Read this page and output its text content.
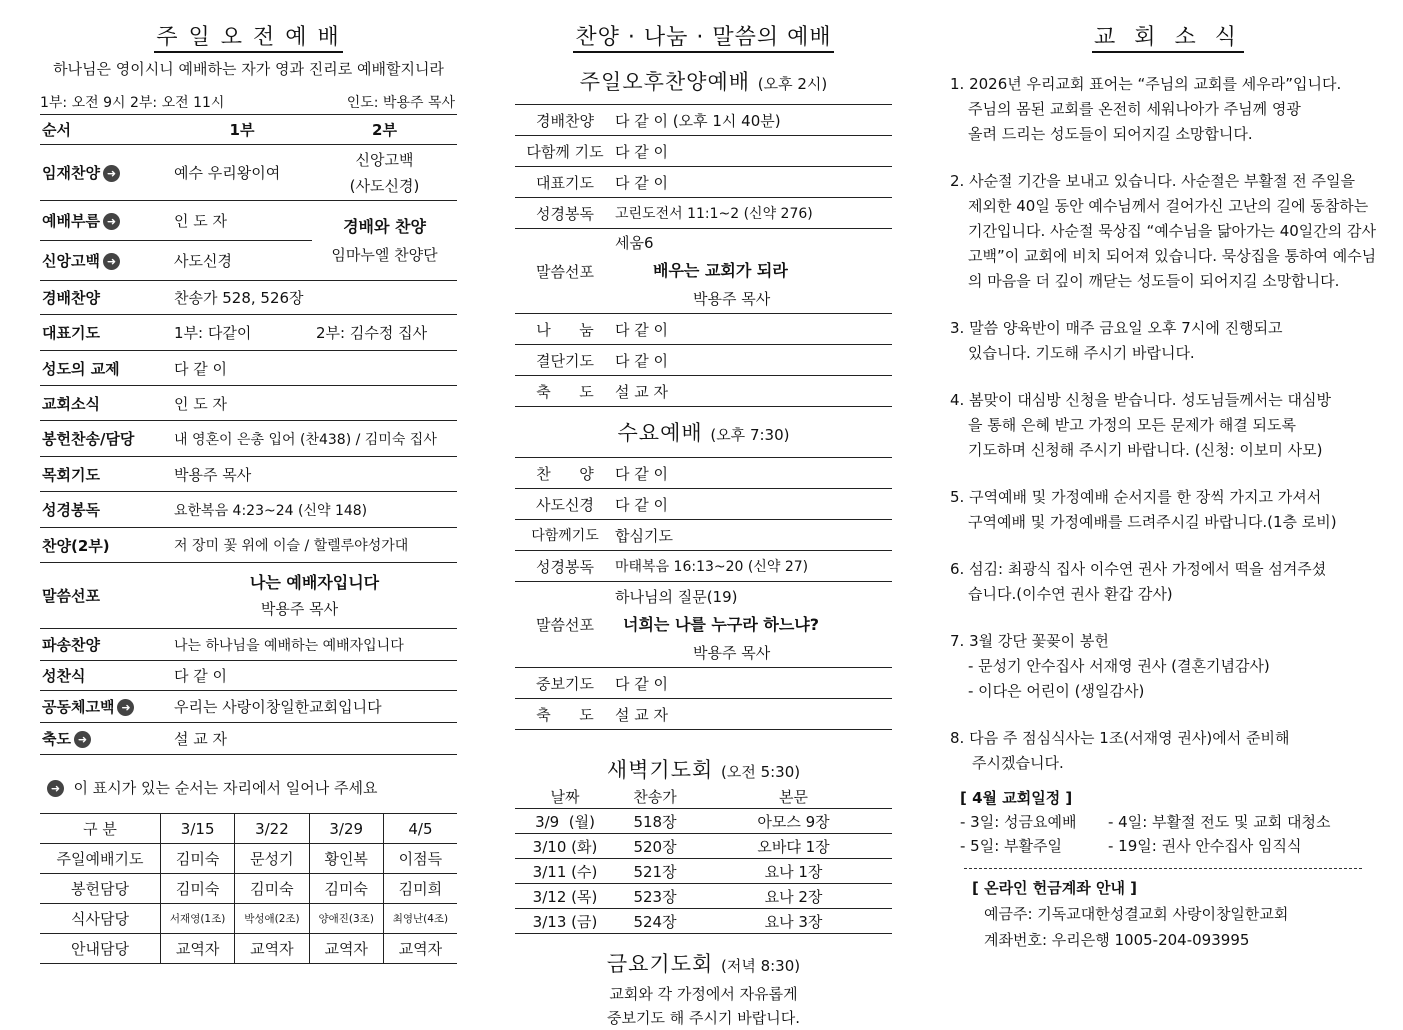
주 일 오 전 예 배
하나님은 영이시니 예배하는 자가 영과 진리로 예배할지니라
1부: 오전 9시 2부: 오전 11시	인도: 박용주 목사
순서	1부	2부
임재찬양 ➜	예수 우리왕이여	신앙고백
(사도신경)

예배부름 ➜	인 도 자	경배와 찬양
임마누엘 찬양단

신앙고백 ➜	사도신경	
경배찬양	찬송가 528, 526장	
대표기도	1부: 다같이	2부: 김수정 집사
성도의 교제	다 같 이	
교회소식	인 도 자	
봉헌찬송/담당	내 영혼이 은총 입어 (찬438) / 김미숙 집사	
목회기도	박용주 목사	
성경봉독	요한복음 4:23~24 (신약 148)	
찬양(2부)	저 장미 꽃 위에 이슬 / 할렐루야성가대	
말씀선포	나는 예배자입니다
박용주 목사	

파송찬양	나는 하나님을 예배하는 예배자입니다	
성찬식	다 같 이	
공동체고백 ➜	우리는 사랑이창일한교회입니다	
축도 ➜	설 교 자	
➜ 이 표시가 있는 순서는 자리에서 일어나 주세요
구 분	3/15	3/22	3/29	4/5
주일예배기도	김미숙	문성기	황인복	이점득
봉헌담당	김미숙	김미숙	김미숙	김미희
식사담당	서재영(1조)	박성애(2조)	양애진(3조)	최영난(4조)
안내담당	교역자	교역자	교역자	교역자
찬양 · 나눔 · 말씀의 예배
주일오후찬양예배 (오후 2시)
경배찬양	다 같 이 (오후 1시 40분)
다함께 기도	다 같 이
대표기도	다 같 이
성경봉독	고린도전서 11:1~2 (신약 276)
말씀선포	세움6
배우는 교회가 되라
박용주 목사

나      눔	다 같 이
결단기도	다 같 이
축      도	설 교 자
수요예배 (오후 7:30)
찬      양	다 같 이
사도신경	다 같 이
다함께기도	합심기도
성경봉독	마태복음 16:13~20 (신약 27)
말씀선포	하나님의 질문(19)
너희는 나를 누구라 하느냐?
박용주 목사

중보기도	다 같 이
축      도	설 교 자
새벽기도회 (오전 5:30)
날짜	찬송가	본문
3/9  (월)	518장	아모스 9장
3/10 (화)	520장	오바댜 1장
3/11 (수)	521장	요나 1장
3/12 (목)	523장	요나 2장
3/13 (금)	524장	요나 3장
금요기도회 (저녁 8:30)
교회와 각 가정에서 자유롭게
중보기도 해 주시기 바랍니다.
교 회 소 식

1. 2026년 우리교회 표어는 “주님의 교회를 세우라”입니다.

주님의 몸된 교회를 온전히 세워나아가 주님께 영광

올려 드리는 성도들이 되어지길 소망합니다.

2. 사순절 기간을 보내고 있습니다. 사순절은 부활절 전 주일을

제외한 40일 동안 예수님께서 걸어가신 고난의 길에 동참하는

기간입니다. 사순절 묵상집 “예수님을 닮아가는 40일간의 감사

고백”이 교회에 비치 되어져 있습니다. 묵상집을 통하여 예수님

의 마음을 더 깊이 깨닫는 성도들이 되어지길 소망합니다.

3. 말씀 양육반이 매주 금요일 오후 7시에 진행되고

있습니다. 기도해 주시기 바랍니다.

4. 봄맞이 대심방 신청을 받습니다. 성도님들께서는 대심방

을 통해 은혜 받고 가정의 모든 문제가 해결 되도록

기도하며 신청해 주시기 바랍니다. (신청: 이보미 사모)

5. 구역예배 및 가정예배 순서지를 한 장씩 가지고 가셔서

구역예배 및 가정예배를 드려주시길 바랍니다.(1층 로비)

6. 섬김: 최광식 집사 이수연 권사 가정에서 떡을 섬겨주셨

습니다.(이수연 권사 환갑 감사)

7. 3월 강단 꽃꽂이 봉헌

- 문성기 안수집사 서재영 권사 (결혼기념감사)

- 이다은 어린이 (생일감사)

8. 다음 주 점심식사는 1조(서재영 권사)에서 준비해

주시겠습니다.

[ 4월 교회일정 ]
- 3일: 성금요예배 - 4일: 부활절 전도 및 교회 대청소
- 5일: 부활주일	- 19일: 권사 안수집사 임직식
[ 온라인 헌금계좌 안내 ]
예금주: 기독교대한성결교회 사랑이창일한교회
계좌번호: 우리은행 1005-204-093995
